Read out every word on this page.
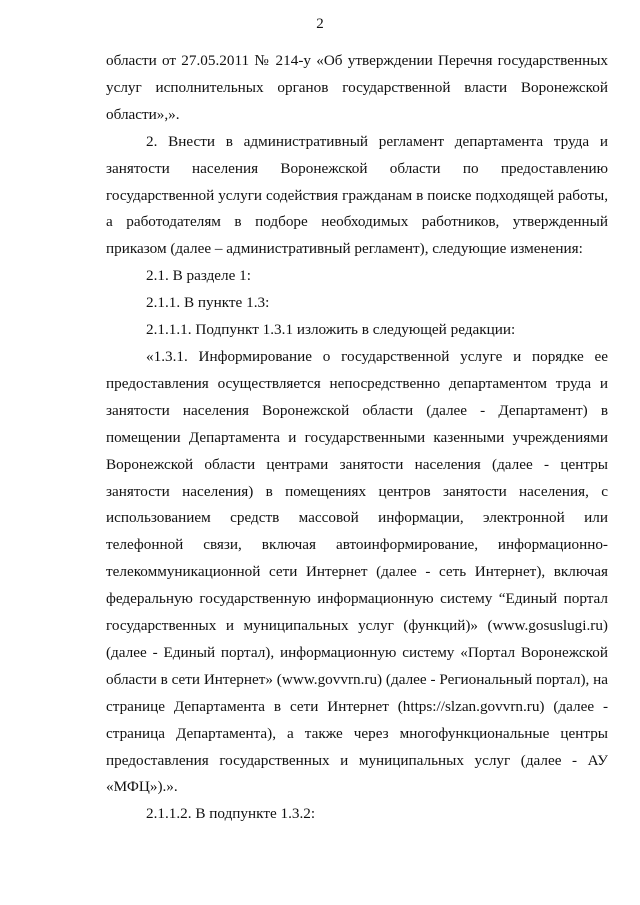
2

области от 27.05.2011 № 214-у «Об утверждении Перечня государственных услуг исполнительных органов государственной власти Воронежской области»,».

2. Внести в административный регламент департамента труда и занятости населения Воронежской области по предоставлению государственной услуги содействия гражданам в поиске подходящей работы, а работодателям в подборе необходимых работников, утвержденный приказом (далее – административный регламент), следующие изменения:

2.1. В разделе 1:

2.1.1. В пункте 1.3:

2.1.1.1. Подпункт 1.3.1 изложить в следующей редакции:

«1.3.1. Информирование о государственной услуге и порядке ее предоставления осуществляется непосредственно департаментом труда и занятости населения Воронежской области (далее - Департамент) в помещении Департамента и государственными казенными учреждениями Воронежской области центрами занятости населения (далее - центры занятости населения) в помещениях центров занятости населения, с использованием средств массовой информации, электронной или телефонной связи, включая автоинформирование, информационно-телекоммуникационной сети Интернет (далее - сеть Интернет), включая федеральную государственную информационную систему “Единый портал государственных и муниципальных услуг (функций)» (www.gosuslugi.ru) (далее - Единый портал), информационную систему «Портал Воронежской области в сети Интернет» (www.govvrn.ru) (далее - Региональный портал), на странице Департамента в сети Интернет (https://slzan.govvrn.ru) (далее - страница Департамента), а также через многофункциональные центры предоставления государственных и муниципальных услуг (далее - АУ «МФЦ»).».

2.1.1.2. В подпункте 1.3.2:
